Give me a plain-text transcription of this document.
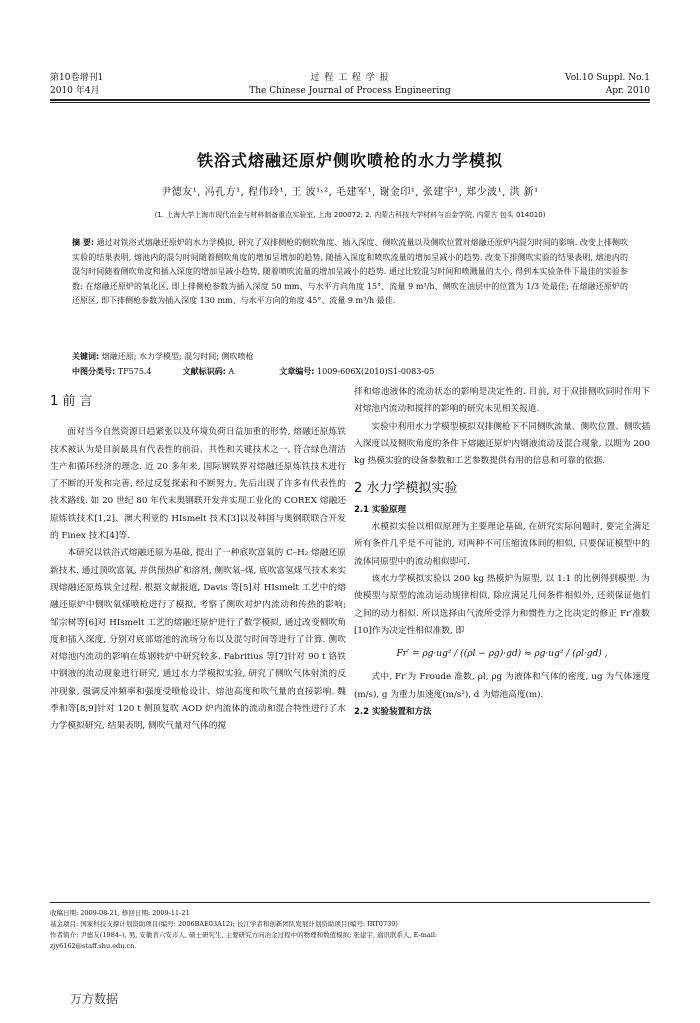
第10卷增刊1
2010 年4月
过 程 工 程 学 报
The Chinese Journal of Process Engineering
Vol.10 Suppl. No.1
Apr. 2010
铁浴式熔融还原炉侧吹喷枪的水力学模拟
尹德友¹, 冯孔方¹, 程伟玲¹, 王 波¹˒², 毛建军¹, 谢金印¹, 张建宇¹, 郑少波¹, 洪 新¹
(1. 上海大学上海市现代冶金与材料制备重点实验室, 上海 200072; 2. 内蒙古科技大学材料与冶金学院, 内蒙古 包头 014010)
摘 要: 通过对铁浴式熔融还原炉的水力学模拟, 研究了双排侧枪的侧吹角度、插入深度、侧吹流量以及侧吹位置对熔融还原炉内混匀时间的影响. 改变上排侧吹实验的结果表明, 熔池内的混匀时间随着侧吹角度的增加呈增加的趋势, 随插入深度和喷吹流量的增加呈减小的趋势. 改变下排侧吹实验的结果表明, 熔池内的混匀时间随着侧吹角度和插入深度的增加呈减小趋势, 随着喷吹流量的增加呈减小的趋势. 通过比较混匀时间和喷溅量的大小, 得到本实验条件下最佳的实验参数: 在熔融还原炉的氧化区, 即上排侧枪参数为插入深度 50 mm、与水平方向角度 15°、流量 9 m³/h、侧吹在油层中的位置为 1/3 处最佳; 在熔融还原炉的还原区, 即下排侧枪参数为插入深度 130 mm、与水平方向的角度 45°、流量 9 m³/h 最佳.
关键词: 熔融还原; 水力学模型; 混匀时间; 侧吹喷枪
中图分类号: TF575.4	文献标识码: A	文章编号: 1009-606X(2010)S1-0083-05
1 前 言

面对当今自然资源日趋紧张以及环境负荷日益加重的形势, 熔融还原炼铁技术被认为是目前最具有代表性的前沿、共性和关键技术之一, 符合绿色清洁生产和循环经济的理念. 近 20 多年来, 国际钢铁界对熔融还原炼铁技术进行了不断的开发和完善, 经过反复探索和不断努力, 先后出现了许多有代表性的技术路线. 如 20 世纪 80 年代末奥钢联开发并实现工业化的 COREX 熔融还原炼铁技术[1,2]、澳大利亚的 HIsmelt 技术[3]以及韩国与奥钢联联合开发的 Finex 技术[4]等.

本研究以铁浴式熔融还原为基础, 提出了一种底吹富氧的 C–H₂ 熔融还原新技术. 通过顶吹富氧, 并供预热矿和溶剂, 侧吹氧–煤, 底吹富氢煤气技术来实现熔融还原炼铁全过程. 根据文献报道, Davis 等[5]对 HIsmelt 工艺中的熔融还原炉中侧吹氧煤喷枪进行了模拟, 考察了侧吹对炉内流动和传热的影响; 邹宗树等[6]对 HIsmelt 工艺的熔融还原炉进行了数学模拟, 通过改变侧吹角度和插入深度, 分别对底部熔池的流场分布以及混匀时间等进行了计算. 侧吹对熔池内流动的影响在炼钢转炉中研究较多. Fabritius 等[7]针对 90 t 铬铁中钢液的流动现象进行研究, 通过水力学模拟实验, 研究了侧吹气体射流的反冲现象, 强调反冲频率和强度受喷枪设计、熔池高度和吹气量的直接影响. 魏季和等[8,9]针对 120 t 侧顶复吹 AOD 炉内流体的流动和混合特性进行了水力学模拟研究, 结果表明, 侧吹气量对气体的搅

拌和熔池液体的流动状态的影响是决定性的. 目前, 对于双排侧吹同时作用下对熔池内流动和搅拌的影响的研究未见相关报道.

实验中利用水力学模型模拟双排侧枪下不同侧吹流量、侧吹位置、侧吹插入深度以及侧吹角度的条件下熔融还原炉内钢液流动及混合现象, 以期为 200 kg 热模实验的设备参数和工艺参数提供有用的信息和可靠的依据.

2 水力学模拟实验
2.1 实验原理

水模拟实验以相似原理为主要理论基础, 在研究实际问题时, 要完全满足所有条件几乎是不可能的, 对两种不可压缩流体间的相似, 只要保证模型中的流体同原型中的流动相似即可.

该水力学模拟实验以 200 kg 热模炉为原型, 以 1:1 的比例得到模型. 为使模型与原型的流动运动规律相似, 除应满足几何条件相似外, 还须保证他们之间的动力相似. 所以选择由气流所受浮力和惯性力之比决定的修正 Fr′准数[10]作为决定性相似准数, 即

Fr′ = ρg·ug² / ((ρl − ρg)·gd) ≈ ρg·ug² / (ρl·gd) ,

式中, Fr′为 Froude 准数, ρl, ρg 为液体和气体的密度, ug 为气体速度(m/s), g 为重力加速度(m/s²), d 为熔池高度(m).

2.2 实验装置和方法
收稿日期: 2009-08-21, 修回日期: 2009-11-21
基金项目: 国家科技支撑计划资助项目(编号: 2006BAE03A12); 长江学者和创新团队发展计划资助项目(编号: IRT0739)
作者简介: 尹德友(1984–), 男, 安徽省六安市人, 硕士研究生, 主要研究方向冶金过程中的物理和数值模拟; 张建宇, 通讯联系人, E-mail:
zjy6162@staff.shu.edu.cn.
万方数据
